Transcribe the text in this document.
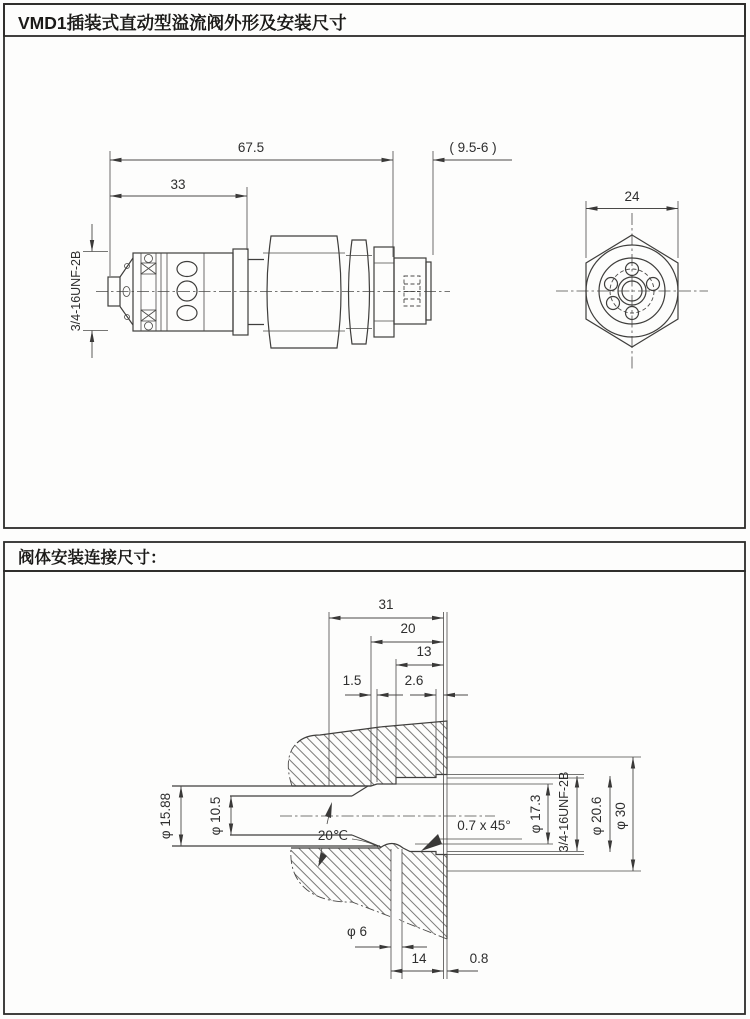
VMD1插装式直动型溢流阀外形及安装尺寸
阀体安装连接尺寸：
67.5	( 9.5-6 )
33
3/4-16UNF-2B
24
31
20
13
1.5	2.6
φ 15.88	φ 10.5
20℃
0.7 x 45° φ 17.3 3/4-16UNF-2B φ 20.6 φ 30
φ 6
14	0.8
